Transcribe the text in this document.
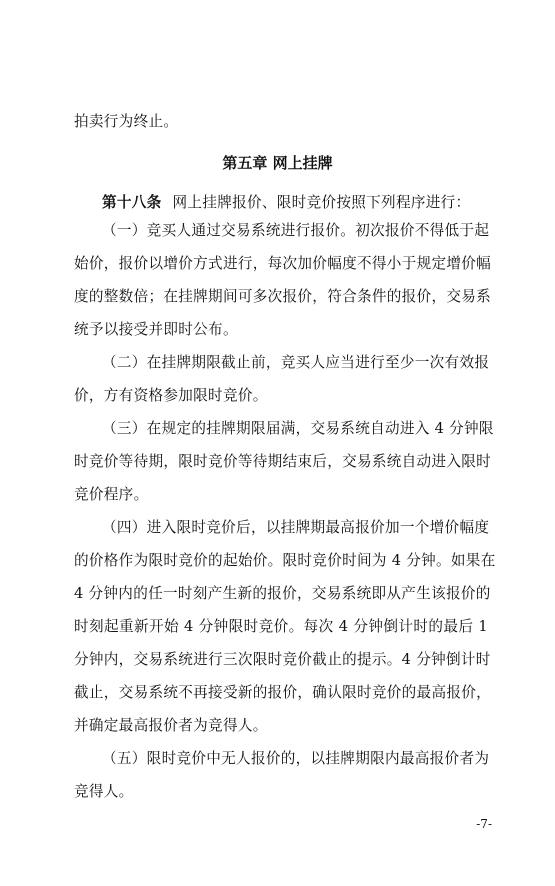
拍卖行为终止。
第五章 网上挂牌
第十八条 网上挂牌报价、限时竞价按照下列程序进行：
（一）竞买人通过交易系统进行报价。初次报价不得低于起
始价，报价以增价方式进行，每次加价幅度不得小于规定增价幅
度的整数倍；在挂牌期间可多次报价，符合条件的报价，交易系
统予以接受并即时公布。
（二）在挂牌期限截止前，竞买人应当进行至少一次有效报
价，方有资格参加限时竞价。
（三）在规定的挂牌期限届满，交易系统自动进入 4 分钟限
时竞价等待期，限时竞价等待期结束后，交易系统自动进入限时
竞价程序。
（四）进入限时竞价后，以挂牌期最高报价加一个增价幅度
的价格作为限时竞价的起始价。限时竞价时间为 4 分钟。如果在
4 分钟内的任一时刻产生新的报价，交易系统即从产生该报价的
时刻起重新开始 4 分钟限时竞价。每次 4 分钟倒计时的最后 1
分钟内，交易系统进行三次限时竞价截止的提示。4 分钟倒计时
截止，交易系统不再接受新的报价，确认限时竞价的最高报价，
并确定最高报价者为竞得人。
（五）限时竞价中无人报价的，以挂牌期限内最高报价者为
竞得人。
-7-
